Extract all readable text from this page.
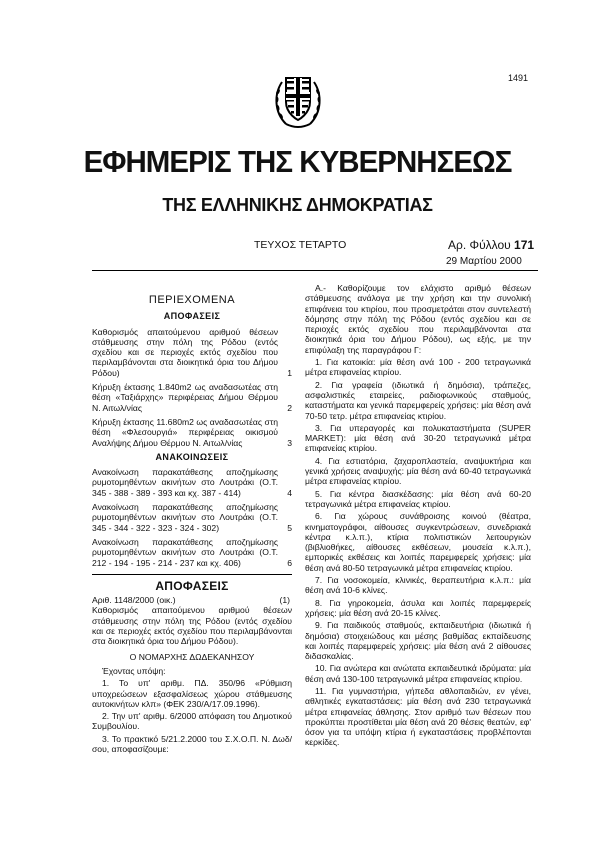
1491
ΕΦΗΜΕΡΙΣ ΤΗΣ ΚΥΒΕΡΝΗΣΕΩΣ
ΤΗΣ ΕΛΛΗΝΙΚΗΣ ΔΗΜΟΚΡΑΤΙΑΣ
ΤΕΥΧΟΣ ΤΕΤΑΡΤΟ	Αρ. Φύλλου 171
29 Μαρτίου 2000
ΠΕΡΙΕΧΟΜΕΝΑ
ΑΠΟΦΑΣΕΙΣ
Καθορισμός απαιτούμενου αριθμού θέσεων στάθμευσης στην πόλη της Ρόδου (εντός σχεδίου και σε περιοχές εκτός σχεδίου που περιλαμβάνονται στα διοικητικά όρια του Δήμου Ρόδου)	1
Κήρυξη έκτασης 1.840m2 ως αναδασωτέας στη θέση «Ταξιάρχης» περιφέρειας Δήμου Θέρμου Ν. Αιτωλ/νίας	2
Κήρυξη έκτασης 11.680m2 ως αναδασωτέας στη θέση «Φλεσουργιά» περιφέρειας οικισμού Αναλήψης Δήμου Θέρμου Ν. Αιτωλ/νίας	3
ΑΝΑΚΟΙΝΩΣΕΙΣ
Ανακοίνωση παρακατάθεσης αποζημίωσης ρυμοτομηθέντων ακινήτων στο Λουτράκι (Ο.Τ. 345 - 388 - 389 - 393 και κχ. 387 - 414)	4
Ανακοίνωση παρακατάθεσης αποζημίωσης ρυμοτομηθέντων ακινήτων στο Λουτράκι (Ο.Τ. 345 - 344 - 322 - 323 - 324 - 302)	5
Ανακοίνωση παρακατάθεσης αποζημίωσης ρυμοτομηθέντων ακινήτων στο Λουτράκι (Ο.Τ. 212 - 194 - 195 - 214 - 237 και κχ. 406)	6
ΑΠΟΦΑΣΕΙΣ
Αριθ. 1148/2000 (οικ.)	(1)

Καθορισμός απαιτούμενου αριθμού θέσεων στάθμευσης στην πόλη της Ρόδου (εντός σχεδίου και σε περιοχές εκτός σχεδίου που περιλαμβάνονται στα διοικητικά όρια του Δήμου Ρόδου).

Ο ΝΟΜΑΡΧΗΣ ΔΩΔΕΚΑΝΗΣΟΥ

Έχοντας υπόψη:

1. Το υπ' αριθμ. ΠΔ. 350/96 «Ρύθμιση υποχρεώσεων εξασφαλίσεως χώρου στάθμευσης αυτοκινήτων κλπ» (ΦΕΚ 230/Α/17.09.1996).

2. Την υπ' αριθμ. 6/2000 απόφαση του Δημοτικού Συμβουλίου.

3. Το πρακτικό 5/21.2.2000 του Σ.Χ.Ο.Π. Ν. Δωδ/σου, αποφασίζουμε:

Α.- Καθορίζουμε τον ελάχιστο αριθμό θέσεων στάθμευσης ανάλογα με την χρήση και την συνολική επιφάνεια του κτιρίου, που προσμετράται στον συντελεστή δόμησης στην πόλη της Ρόδου (εντός σχεδίου και σε περιοχές εκτός σχεδίου που περιλαμβάνονται στα διοικητικά όρια του Δήμου Ρόδου), ως εξής, με την επιφύλαξη της παραγράφου Γ:

1. Για κατοικία: μία θέση ανά 100 - 200 τετραγωνικά μέτρα επιφανείας κτιρίου.

2. Για γραφεία (ιδιωτικά ή δημόσια), τράπεζες, ασφαλιστικές εταιρείες, ραδιοφωνικούς σταθμούς, καταστήματα και γενικά παρεμφερείς χρήσεις: μία θέση ανά 70-50 τετρ. μέτρα επιφανείας κτιρίου.

3. Για υπεραγορές και πολυκαταστήματα (SUPER MARKET): μία θέση ανά 30-20 τετραγωνικά μέτρα επιφανείας κτιρίου.

4. Για εστιατόρια, ζαχαροπλαστεία, αναψυκτήρια και γενικά χρήσεις αναψυχής: μία θέση ανά 60-40 τετραγωνικά μέτρα επιφανείας κτιρίου.

5. Για κέντρα διασκέδασης: μία θέση ανά 60-20 τετραγωνικά μέτρα επιφανείας κτιρίου.

6. Για χώρους συνάθροισης κοινού (θέατρα, κινηματογράφοι, αίθουσες συγκεντρώσεων, συνεδριακά κέντρα κ.λ.π.), κτίρια πολιτιστικών λειτουργιών (βιβλιοθήκες, αίθουσες εκθέσεων, μουσεία κ.λ.π.), εμπορικές εκθέσεις και λοιπές παρεμφερείς χρήσεις: μία θέση ανά 80-50 τετραγωνικά μέτρα επιφανείας κτιρίου.

7. Για νοσοκομεία, κλινικές, θεραπευτήρια κ.λ.π.: μία θέση ανά 10-6 κλίνες.

8. Για γηροκομεία, άσυλα και λοιπές παρεμφερείς χρήσεις: μία θέση ανά 20-15 κλίνες.

9. Για παιδικούς σταθμούς, εκπαιδευτήρια (ιδιωτικά ή δημόσια) στοιχειώδους και μέσης βαθμίδας εκπαίδευσης και λοιπές παρεμφερείς χρήσεις: μία θέση ανά 2 αίθουσες διδασκαλίας.

10. Για ανώτερα και ανώτατα εκπαιδευτικά ιδρύματα: μία θέση ανά 130-100 τετραγωνικά μέτρα επιφανείας κτιρίου.

11. Για γυμναστήρια, γήπεδα αθλοπαιδιών, εν γένει, αθλητικές εγκαταστάσεις: μία θέση ανά 230 τετραγωνικά μέτρα επιφανείας άθλησης. Στον αριθμό των θέσεων που προκύπτει προστίθεται μία θέση ανά 20 θέσεις θεατών, εφ' όσον για τα υπόψη κτίρια ή εγκαταστάσεις προβλέπονται κερκίδες.
